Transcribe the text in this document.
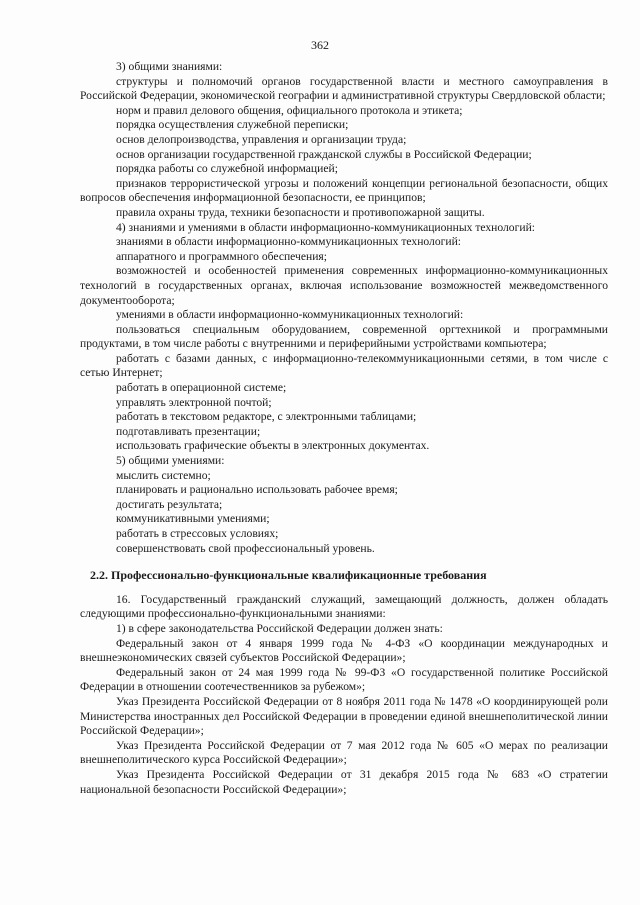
362

3) общими знаниями:

структуры и полномочий органов государственной власти и местного самоуправления в Российской Федерации, экономической географии и административной структуры Свердловской области;

норм и правил делового общения, официального протокола и этикета;

порядка осуществления служебной переписки;

основ делопроизводства, управления и организации труда;

основ организации государственной гражданской службы в Российской Федерации;

порядка работы со служебной информацией;

признаков террористической угрозы и положений концепции региональной безопасности, общих вопросов обеспечения информационной безопасности, ее принципов;

правила охраны труда, техники безопасности и противопожарной защиты.

4) знаниями и умениями в области информационно-коммуникационных технологий:

знаниями в области информационно-коммуникационных технологий:

аппаратного и программного обеспечения;

возможностей и особенностей применения современных информационно-коммуникационных технологий в государственных органах, включая использование возможностей межведомственного документооборота;

умениями в области информационно-коммуникационных технологий:

пользоваться специальным оборудованием, современной оргтехникой и программными продуктами, в том числе работы с внутренними и периферийными устройствами компьютера;

работать с базами данных, с информационно-телекоммуникационными сетями, в том числе с сетью Интернет;

работать в операционной системе;

управлять электронной почтой;

работать в текстовом редакторе, с электронными таблицами;

подготавливать презентации;

использовать графические объекты в электронных документах.

5) общими умениями:

мыслить системно;

планировать и рационально использовать рабочее время;

достигать результата;

коммуникативными умениями;

работать в стрессовых условиях;

совершенствовать свой профессиональный уровень.

2.2. Профессионально-функциональные квалификационные требования

16. Государственный гражданский служащий, замещающий должность, должен обладать следующими профессионально-функциональными знаниями:

1) в сфере законодательства Российской Федерации должен знать:

Федеральный закон от 4 января 1999 года № 4-ФЗ «О координации международных и внешнеэкономических связей субъектов Российской Федерации»;

Федеральный закон от 24 мая 1999 года № 99-ФЗ «О государственной политике Российской Федерации в отношении соотечественников за рубежом»;

Указ Президента Российской Федерации от 8 ноября 2011 года № 1478 «О координирующей роли Министерства иностранных дел Российской Федерации в проведении единой внешнеполитической линии Российской Федерации»;

Указ Президента Российской Федерации от 7 мая 2012 года № 605 «О мерах по реализации внешнеполитического курса Российской Федерации»;

Указ Президента Российской Федерации от 31 декабря 2015 года № 683 «О стратегии национальной безопасности Российской Федерации»;
